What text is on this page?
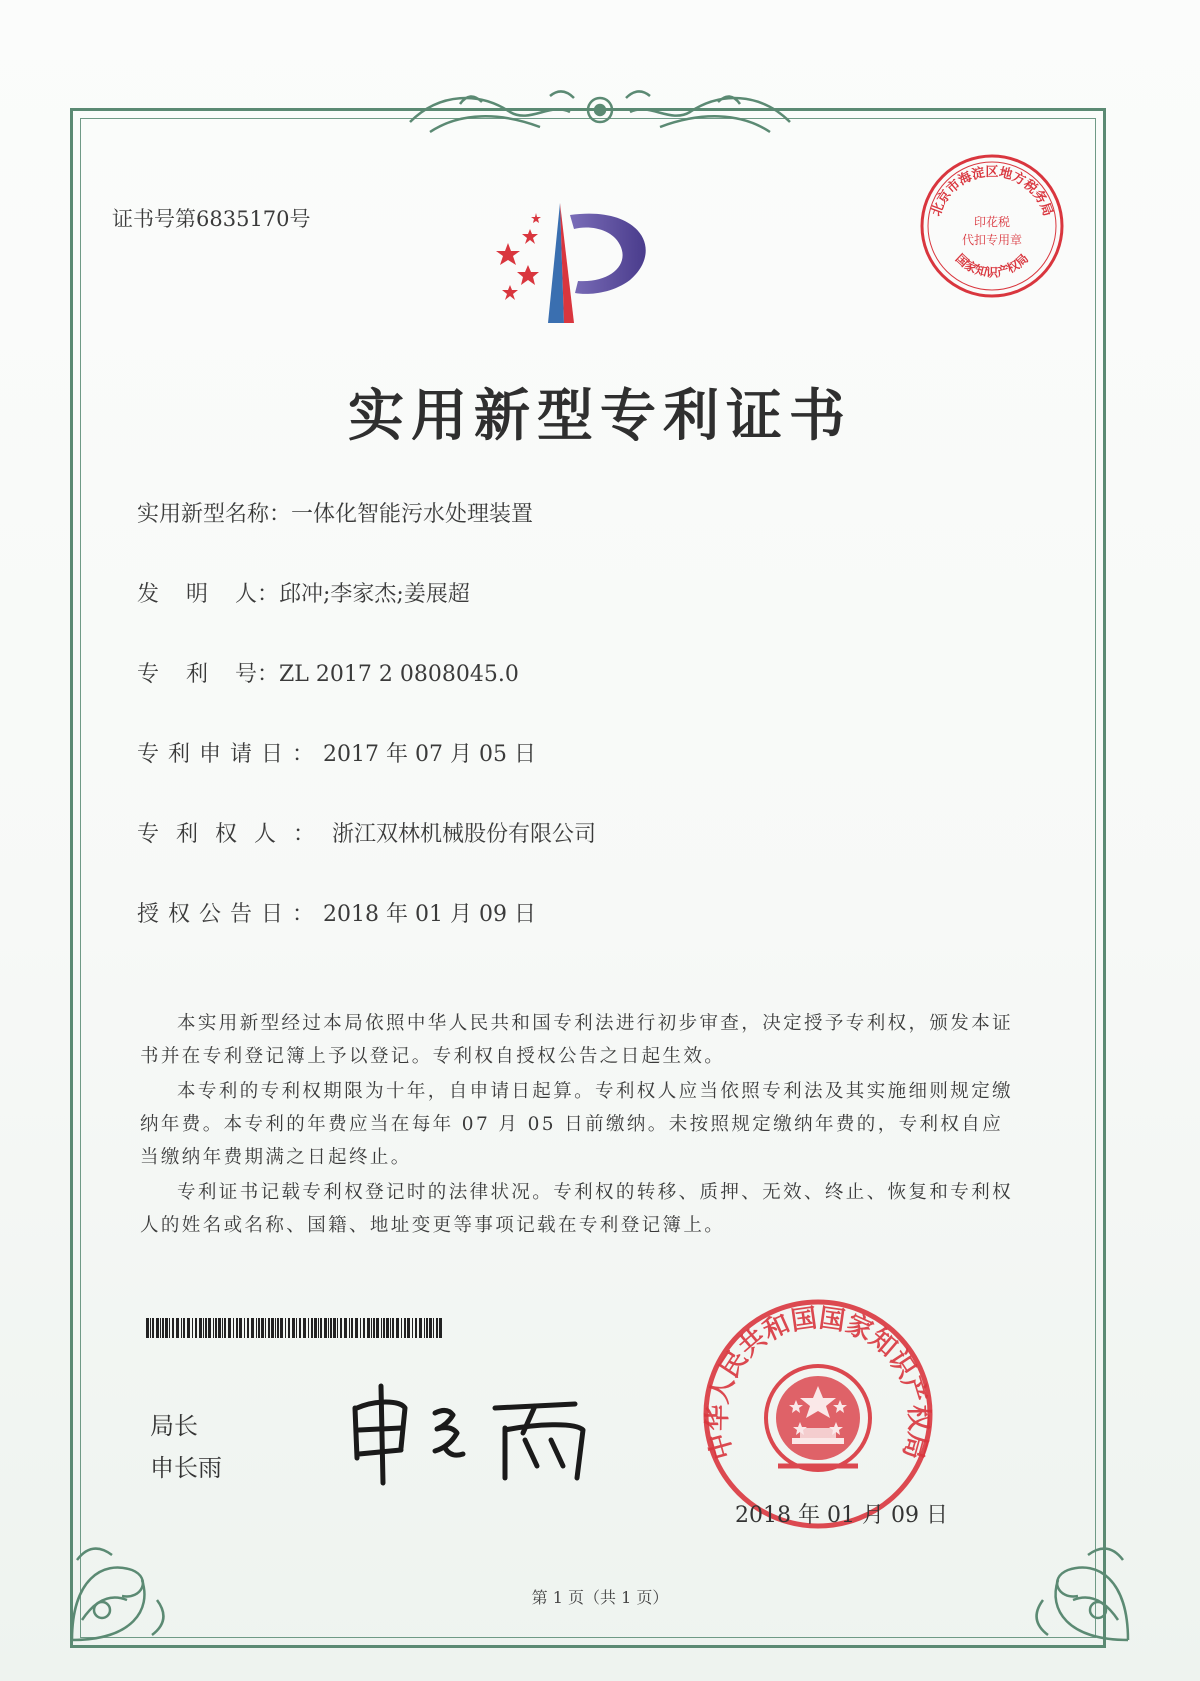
证书号第6835170号	北京市海淀区地方税务局
印花税
代扣专用章
国家知识产权局
实用新型专利证书
实用新型名称：一体化智能污水处理装置
发 明 人：邱冲;李家杰;姜展超
专 利 号：ZL 2017 2 0808045.0
专利申请日：2017 年 07 月 05 日
专利权人：浙江双林机械股份有限公司
授权公告日：2018 年 01 月 09 日

本实用新型经过本局依照中华人民共和国专利法进行初步审查，决定授予专利权，颁发本证书并在专利登记簿上予以登记。专利权自授权公告之日起生效。

本专利的专利权期限为十年，自申请日起算。专利权人应当依照专利法及其实施细则规定缴纳年费。本专利的年费应当在每年 07 月 05 日前缴纳。未按照规定缴纳年费的，专利权自应当缴纳年费期满之日起终止。

专利证书记载专利权登记时的法律状况。专利权的转移、质押、无效、终止、恢复和专利权人的姓名或名称、国籍、地址变更等事项记载在专利登记簿上。

局长
申长雨
中华人民共和国国家知识产权局
2018 年 01 月 09 日
第 1 页（共 1 页）
